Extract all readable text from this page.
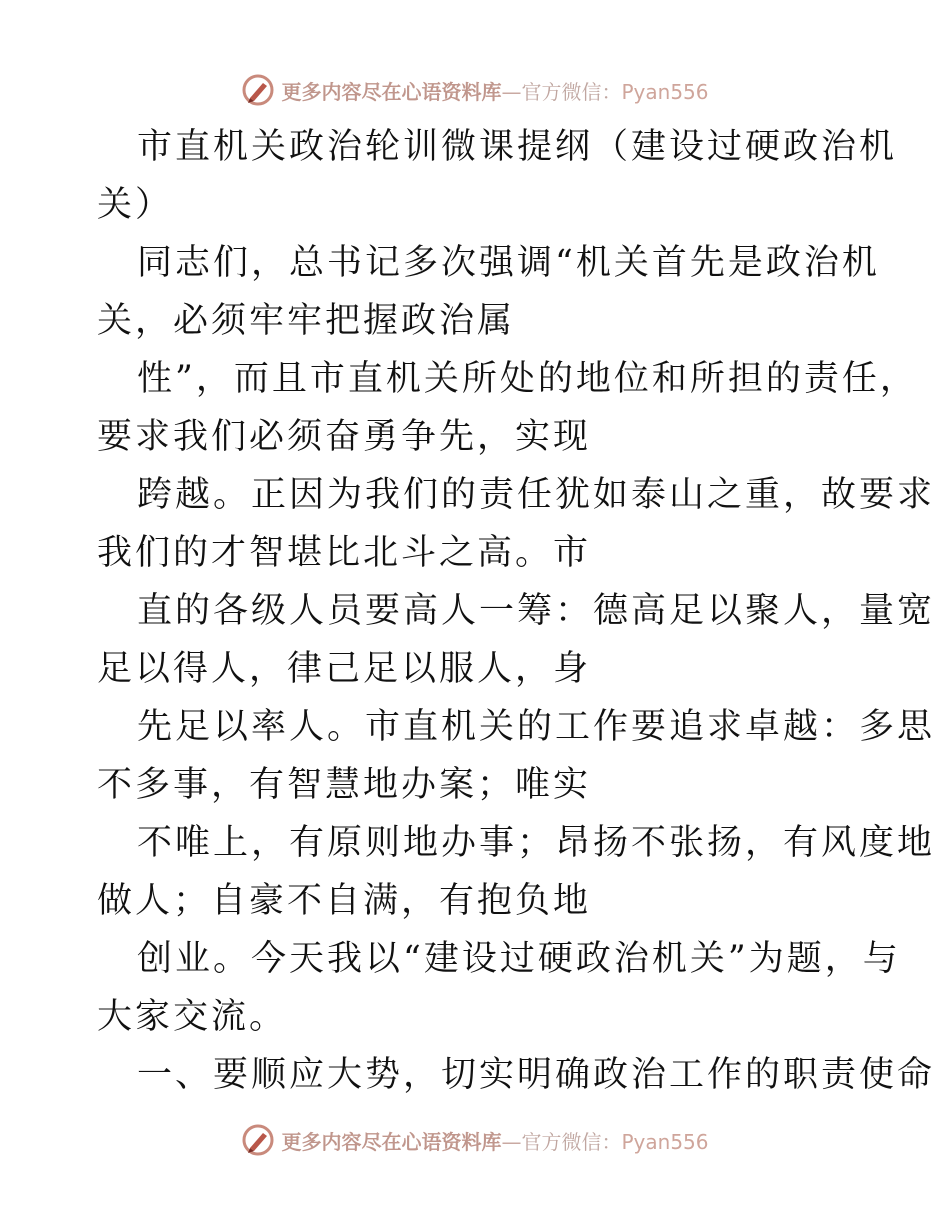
更多内容尽在心语资料库—官方微信：Pyan556
市直机关政治轮训微课提纲（建设过硬政治机
关）
同志们，总书记多次强调“机关首先是政治机
关，必须牢牢把握政治属
性”，而且市直机关所处的地位和所担的责任，
要求我们必须奋勇争先，实现
跨越。正因为我们的责任犹如泰山之重，故要求
我们的才智堪比北斗之高。市
直的各级人员要高人一筹：德高足以聚人，量宽
足以得人，律己足以服人，身
先足以率人。市直机关的工作要追求卓越：多思
不多事，有智慧地办案；唯实
不唯上，有原则地办事；昂扬不张扬，有风度地
做人；自豪不自满，有抱负地
创业。今天我以“建设过硬政治机关”为题，与
大家交流。
一、要顺应大势，切实明确政治工作的职责使命
更多内容尽在心语资料库—官方微信：Pyan556
